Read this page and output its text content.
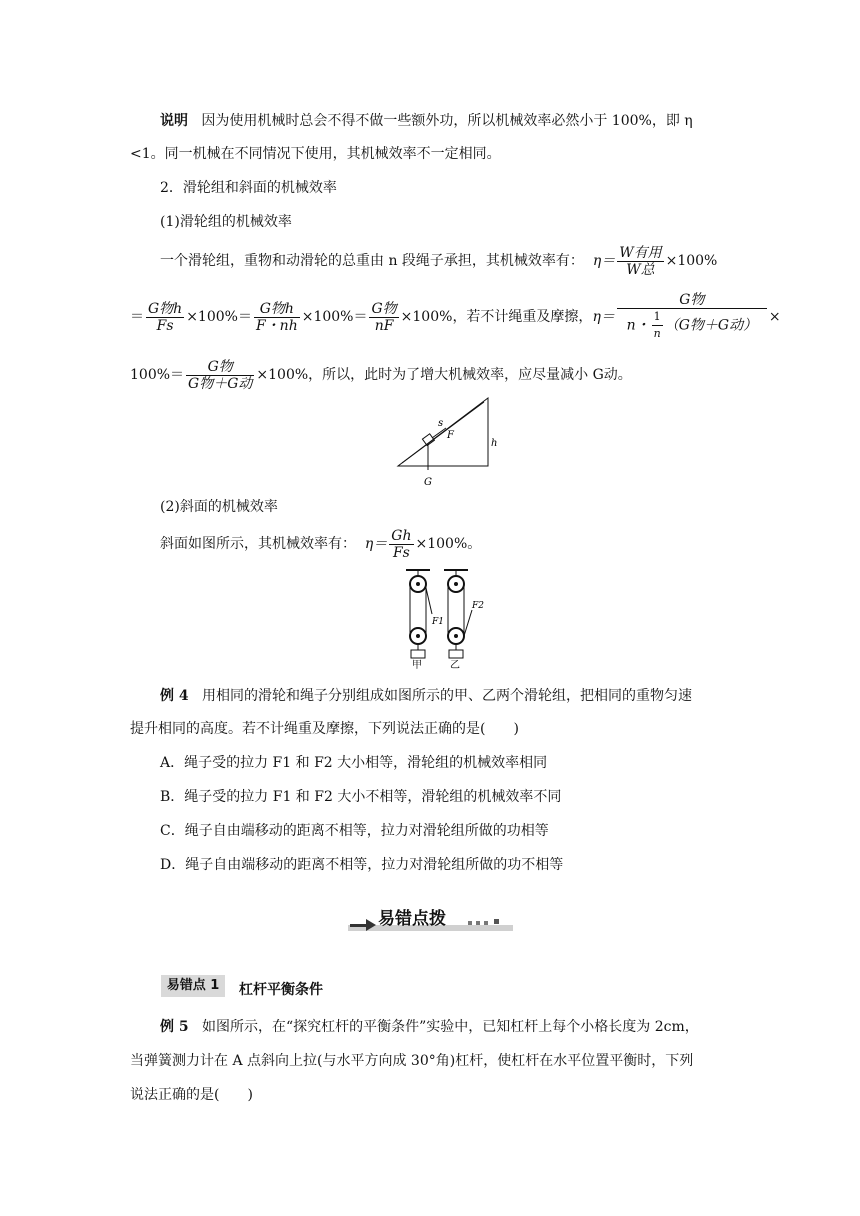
说明 因为使用机械时总会不得不做一些额外功，所以机械效率必然小于 100%，即 η
<1。同一机械在不同情况下使用，其机械效率不一定相同。
2．滑轮组和斜面的机械效率
(1)滑轮组的机械效率
一个滑轮组，重物和动滑轮的总重由 n 段绳子承担，其机械效率有： $\eta= \frac{\text{W有用}}{\text{W总}} \times 100\%$
＝ $\frac{\text{G物h}}{Fs} \times 100\%= \frac{\text{G物h}}{F・nh} \times 100\%= \frac{\text{G物}}{nF} \times 100\%$，若不计绳重及摩擦，$\eta= \frac{\text{G物}}{n・ \frac{1}{n} (G物+G动)}$ ×
$100\%= \frac{\text{G物}}{\text{G物＋G动}} \times 100\%$，所以，此时为了增大机械效率，应尽量减小 G动。
s
F
h
G
(2)斜面的机械效率
斜面如图所示，其机械效率有： $\eta= \frac{Gh}{Fs} \times 100\%$。
F1
F2
甲	乙
例 4 用相同的滑轮和绳子分别组成如图所示的甲、乙两个滑轮组，把相同的重物匀速
提升相同的高度。若不计绳重及摩擦，下列说法正确的是(　　)
A．绳子受的拉力 F1 和 F2 大小相等，滑轮组的机械效率相同
B．绳子受的拉力 F1 和 F2 大小不相等，滑轮组的机械效率不同
C．绳子自由端移动的距离不相等，拉力对滑轮组所做的功相等
D．绳子自由端移动的距离不相等，拉力对滑轮组所做的功不相等
易错点拨
易错点 1	杠杆平衡条件
例 5 如图所示，在“探究杠杆的平衡条件”实验中，已知杠杆上每个小格长度为 2cm，
当弹簧测力计在 A 点斜向上拉(与水平方向成 30°角)杠杆，使杠杆在水平位置平衡时，下列
说法正确的是(　　)
